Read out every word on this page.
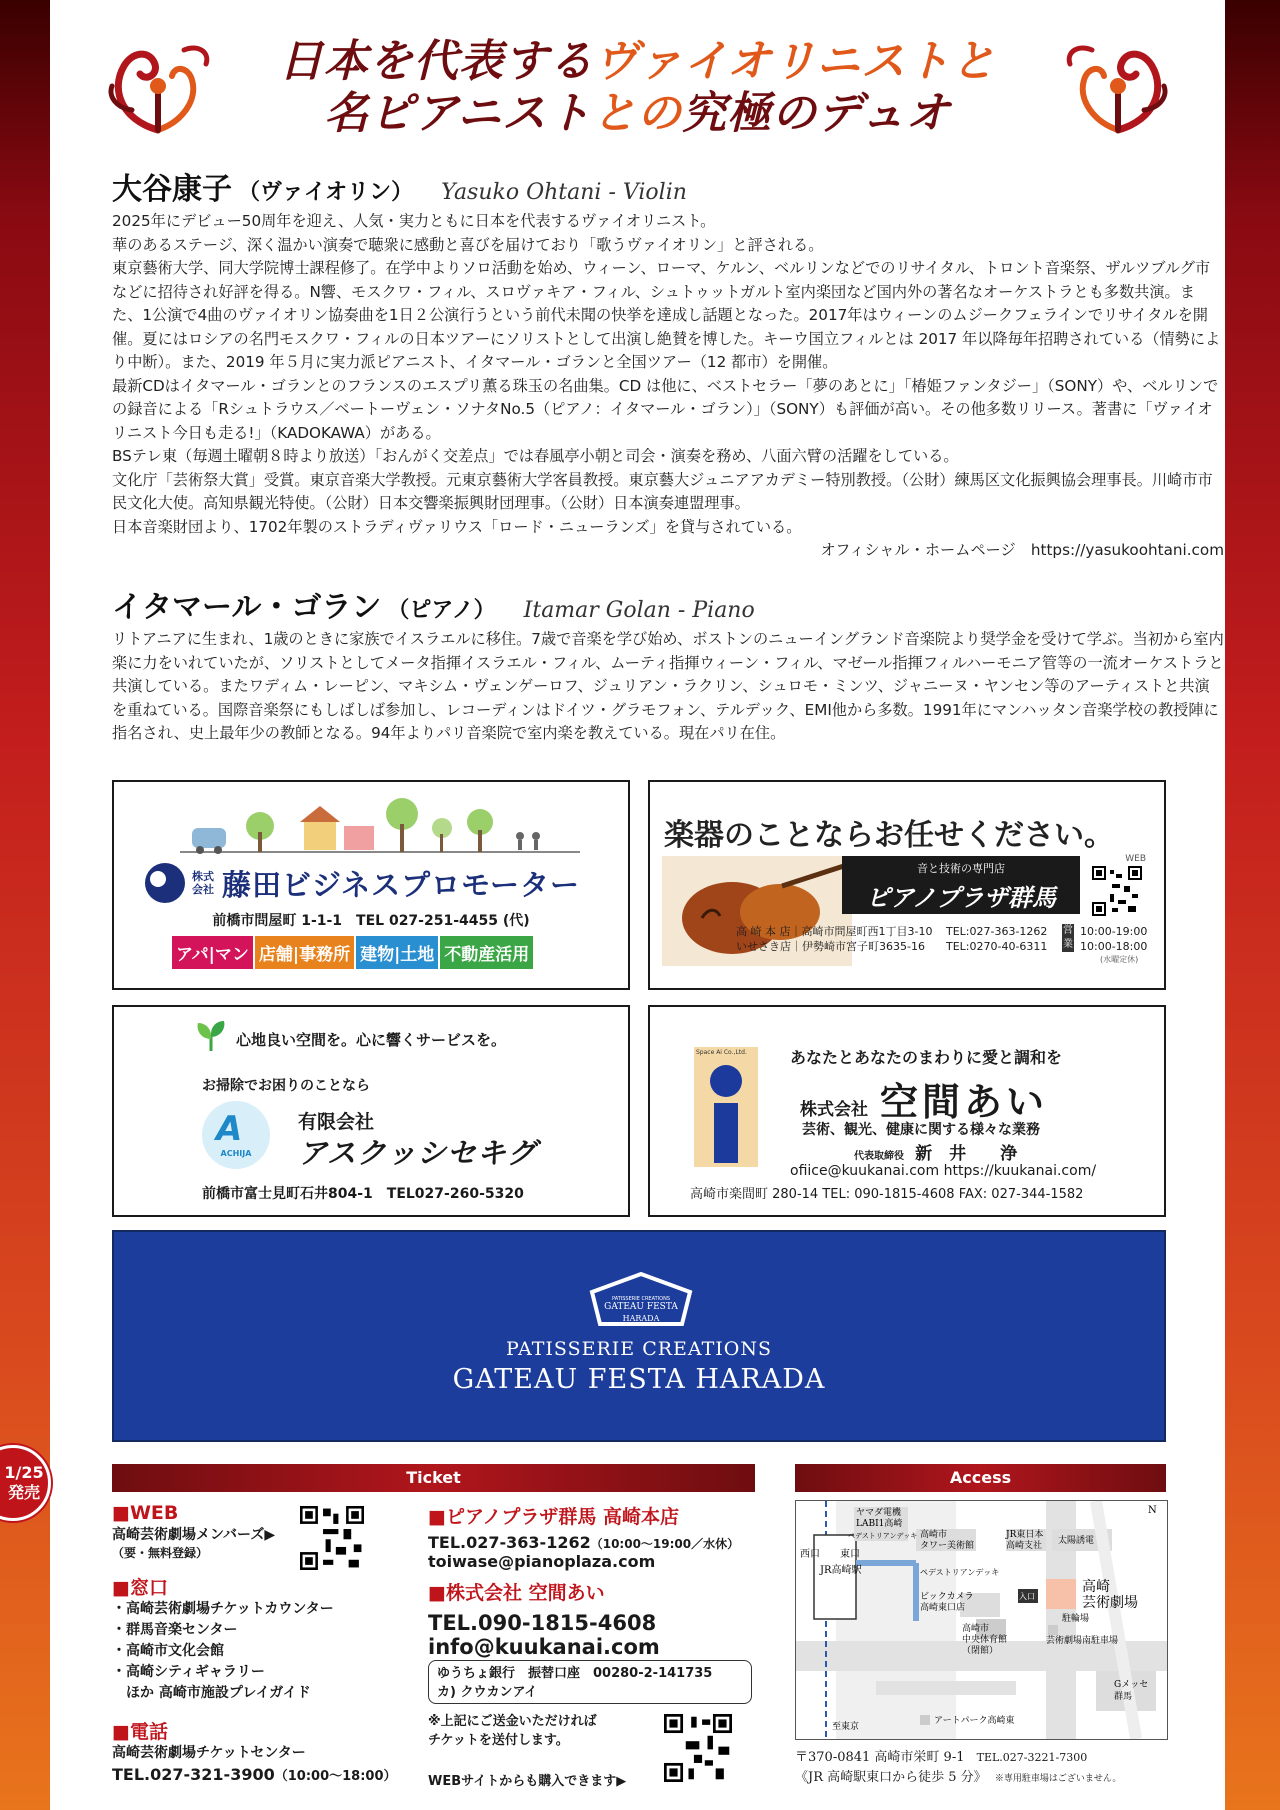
日本を代表するヴァイオリニストと
名ピアニストとの究極のデュオ
大谷康子 （ヴァイオリン） Yasuko Ohtani - Violin

2025年にデビュー50周年を迎え、人気・実力ともに日本を代表するヴァイオリニスト。

華のあるステージ、深く温かい演奏で聴衆に感動と喜びを届けており「歌うヴァイオリン」と評される。

東京藝術大学、同大学院博士課程修了。在学中よりソロ活動を始め、ウィーン、ローマ、ケルン、ベルリンなどでのリサイタル、トロント音楽祭、ザルツブルグ市などに招待され好評を得る。N響、モスクワ・フィル、スロヴァキア・フィル、シュトゥットガルト室内楽団など国内外の著名なオーケストラとも多数共演。また、1公演で4曲のヴァイオリン協奏曲を1日２公演行うという前代未聞の快挙を達成し話題となった。2017年はウィーンのムジークフェラインでリサイタルを開催。夏にはロシアの名門モスクワ・フィルの日本ツアーにソリストとして出演し絶賛を博した。キーウ国立フィルとは 2017 年以降毎年招聘されている（情勢により中断）。また、2019 年５月に実力派ピアニスト、イタマール・ゴランと全国ツアー（12 都市）を開催。

最新CDはイタマール・ゴランとのフランスのエスプリ薫る珠玉の名曲集。CD は他に、ベストセラー「夢のあとに」「椿姫ファンタジー」（SONY）や、ベルリンでの録音による「Rシュトラウス／ベートーヴェン・ソナタNo.5（ピアノ：イタマール・ゴラン）」（SONY）も評価が高い。その他多数リリース。著書に「ヴァイオリニスト今日も走る!」（KADOKAWA）がある。

BSテレ東（毎週土曜朝８時より放送）「おんがく交差点」では春風亭小朝と司会・演奏を務め、八面六臂の活躍をしている。

文化庁「芸術祭大賞」受賞。東京音楽大学教授。元東京藝術大学客員教授。東京藝大ジュニアアカデミー特別教授。（公財）練馬区文化振興協会理事長。川崎市市民文化大使。高知県観光特使。（公財）日本交響楽振興財団理事。（公財）日本演奏連盟理事。

日本音楽財団より、1702年製のストラディヴァリウス「ロード・ニューランズ」を貸与されている。

オフィシャル・ホームページ　 https://yasukoohtani.com

イタマール・ゴラン （ピアノ） Itamar Golan - Piano

リトアニアに生まれ、1歳のときに家族でイスラエルに移住。7歳で音楽を学び始め、ボストンのニューイングランド音楽院より奨学金を受けて学ぶ。当初から室内楽に力をいれていたが、ソリストとしてメータ指揮イスラエル・フィル、ムーティ指揮ウィーン・フィル、マゼール指揮フィルハーモニア管等の一流オーケストラと共演している。またワディム・レーピン、マキシム・ヴェンゲーロフ、ジュリアン・ラクリン、シュロモ・ミンツ、ジャニーヌ・ヤンセン等のアーティストと共演を重ねている。国際音楽祭にもしばしば参加し、レコーディンはドイツ・グラモフォン、テルデック、EMI他から多数。1991年にマンハッタン音楽学校の教授陣に指名され、史上最年少の教師となる。94年よりパリ音楽院で室内楽を教えている。現在パリ在住。

株式会社 藤田ビジネスプロモーター
前橋市問屋町 1-1-1　TEL 027-251-4455 (代)
アパ|マン 店舗|事務所 建物|土地 不動産活用
楽器のことならお任せください。
音と技術の専門店
ピアノプラザ群馬
WEB
高 崎 本 店｜高崎市問屋町西1丁目3-10
いせさき店｜伊勢崎市宮子町3635-16
TEL:027-363-1262
TEL:0270-40-6311
営業
10:00-19:00
10:00-18:00
(水曜定休)
心地良い空間を。心に響くサービスを。
お掃除でお困りのことなら
ACHIJA
A	有限会社
アスクッシセキグ
前橋市富士見町石井804-1　TEL027-260-5320
Space Ai Co.,Ltd.	あなたとあなたのまわりに愛と調和を
株式会社 空間あい
芸術、観光、健康に関する様々な業務
代表取締役 新　井　　浄
ofiice@kuukanai.com https://kuukanai.com/
高崎市楽間町 280-14 TEL: 090-1815-4608 FAX: 027-344-1582
PATISSERIE CREATIONS
GATEAU FESTA
HARADA
PATISSERIE CREATIONS
GATEAU FESTA HARADA
Ticket	Access
■WEB
高崎芸術劇場メンバーズ▶
（要・無料登録）
■窓口
・高崎芸術劇場チケットカウンター
・群馬音楽センター
・高崎市文化会館
・高崎シティギャラリー
　ほか 高崎市施設プレイガイド
■電話
高崎芸術劇場チケットセンター
TEL.027-321-3900（10:00〜18:00）
■ピアノプラザ群馬 高崎本店
TEL.027-363-1262（10:00〜19:00／水休）
toiwase@pianoplaza.com
■株式会社 空間あい
TEL.090-1815-4608
info@kuukanai.com
ゆうちょ銀行　振替口座　00280-2-141735
カ) クウカンアイ
※上記にご送金いただければ
チケットを送付します。
WEBサイトからも購入できます▶
ヤマダ電機
LABI1高崎
ペデストリアンデッキ 高崎市
タワー美術館
JR東日本
高崎支社 太陽誘電
N
西口
JR高崎駅
東口
ペデストリアンデッキ
入口
高崎
芸術劇場
ビックカメラ
高崎東口店
駐輪場
高崎市
中央体育館
（閉館）
芸術劇場南駐車場
Gメッセ
群馬
至東京
アートパーク高崎東
〒370-0841 高崎市栄町 9-1 TEL.027-3221-7300
《JR 高崎駅東口から徒歩 5 分》 ※専用駐車場はございません。
1/25
発売
